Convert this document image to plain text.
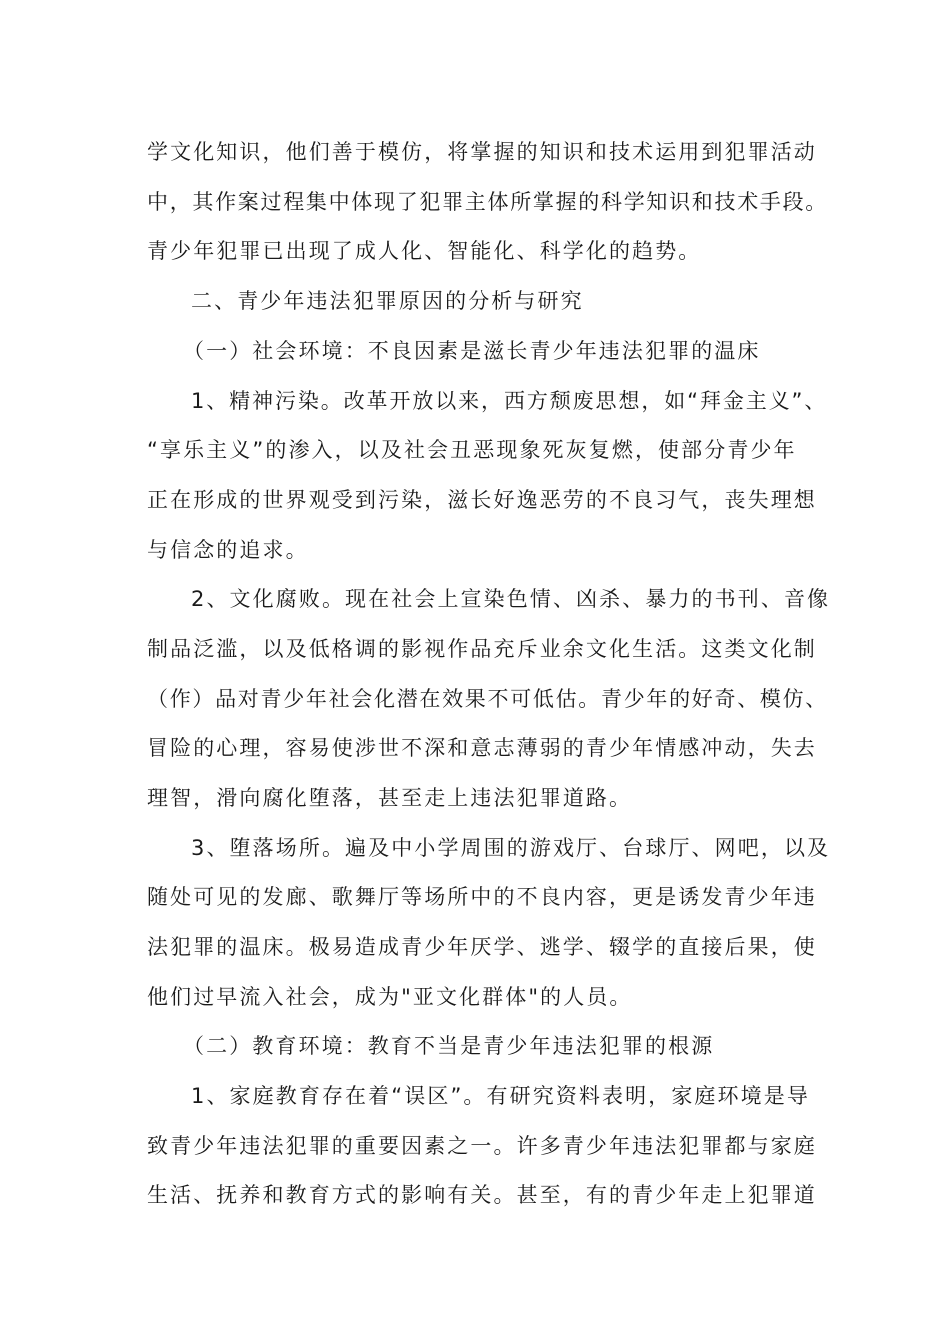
学文化知识，他们善于模仿，将掌握的知识和技术运用到犯罪活动

中，其作案过程集中体现了犯罪主体所掌握的科学知识和技术手段。

青少年犯罪已出现了成人化、智能化、科学化的趋势。

二、青少年违法犯罪原因的分析与研究

（一）社会环境：不良因素是滋长青少年违法犯罪的温床

1、精神污染。改革开放以来，西方颓废思想，如“拜金主义”、

“享乐主义”的渗入，以及社会丑恶现象死灰复燃，使部分青少年

正在形成的世界观受到污染，滋长好逸恶劳的不良习气，丧失理想

与信念的追求。

2、文化腐败。现在社会上宣染色情、凶杀、暴力的书刊、音像

制品泛滥，以及低格调的影视作品充斥业余文化生活。这类文化制

（作）品对青少年社会化潜在效果不可低估。青少年的好奇、模仿、

冒险的心理，容易使涉世不深和意志薄弱的青少年情感冲动，失去

理智，滑向腐化堕落，甚至走上违法犯罪道路。

3、堕落场所。遍及中小学周围的游戏厅、台球厅、网吧，以及

随处可见的发廊、歌舞厅等场所中的不良内容，更是诱发青少年违

法犯罪的温床。极易造成青少年厌学、逃学、辍学的直接后果，使

他们过早流入社会，成为"亚文化群体"的人员。

（二）教育环境：教育不当是青少年违法犯罪的根源

1、家庭教育存在着“误区”。有研究资料表明，家庭环境是导

致青少年违法犯罪的重要因素之一。许多青少年违法犯罪都与家庭

生活、抚养和教育方式的影响有关。甚至，有的青少年走上犯罪道
